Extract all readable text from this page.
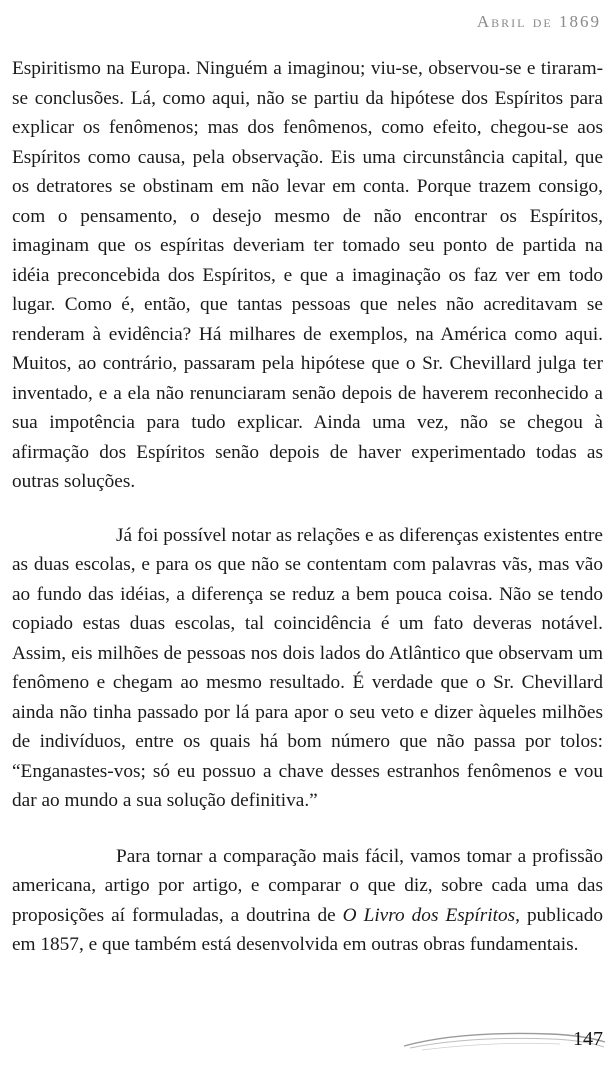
Abril de 1869

Espiritismo na Europa. Ninguém a imaginou; viu-se, observou-se e tiraram-se conclusões. Lá, como aqui, não se partiu da hipótese dos Espíritos para explicar os fenômenos; mas dos fenômenos, como efeito, chegou-se aos Espíritos como causa, pela observação. Eis uma circunstância capital, que os detratores se obstinam em não levar em conta. Porque trazem consigo, com o pensamento, o desejo mesmo de não encontrar os Espíritos, imaginam que os espíritas deveriam ter tomado seu ponto de partida na idéia preconcebida dos Espíritos, e que a imaginação os faz ver em todo lugar. Como é, então, que tantas pessoas que neles não acreditavam se renderam à evidência? Há milhares de exemplos, na América como aqui. Muitos, ao contrário, passaram pela hipótese que o Sr. Chevillard julga ter inventado, e a ela não renunciaram senão depois de haverem reconhecido a sua impotência para tudo explicar. Ainda uma vez, não se chegou à afirmação dos Espíritos senão depois de haver experimentado todas as outras soluções.

Já foi possível notar as relações e as diferenças existentes entre as duas escolas, e para os que não se contentam com palavras vãs, mas vão ao fundo das idéias, a diferença se reduz a bem pouca coisa. Não se tendo copiado estas duas escolas, tal coincidência é um fato deveras notável. Assim, eis milhões de pessoas nos dois lados do Atlântico que observam um fenômeno e chegam ao mesmo resultado. É verdade que o Sr. Chevillard ainda não tinha passado por lá para apor o seu veto e dizer àqueles milhões de indivíduos, entre os quais há bom número que não passa por tolos: “Enganastes-vos; só eu possuo a chave desses estranhos fenômenos e vou dar ao mundo a sua solução definitiva.”

Para tornar a comparação mais fácil, vamos tomar a profissão americana, artigo por artigo, e comparar o que diz, sobre cada uma das proposições aí formuladas, a doutrina de O Livro dos Espíritos, publicado em 1857, e que também está desenvolvida em outras obras fundamentais.

147
